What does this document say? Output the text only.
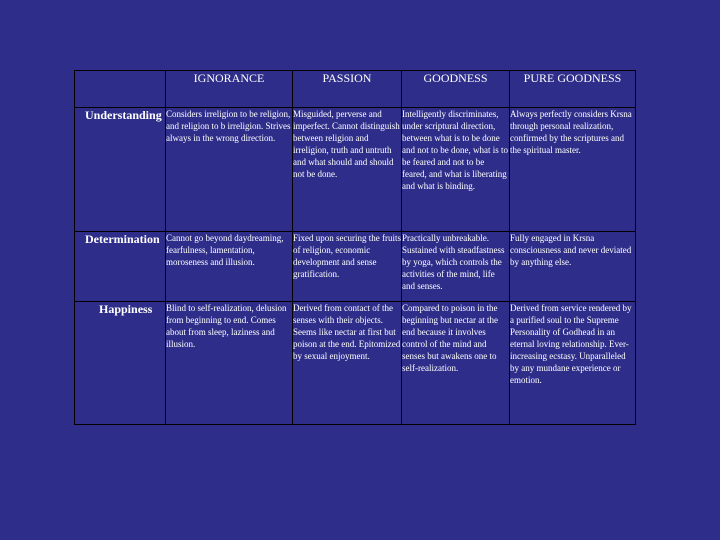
	IGNORANCE	PASSION	GOODNESS	PURE GOODNESS

Understanding	Considers irreligion to be religion, and religion to b irreligion. Strives always in the wrong direction.	Misguided, perverse and imperfect. Cannot distinguish between religion and irreligion, truth and untruth and what should and should not be done.	Intelligently discriminates, under scriptural direction, between what is to be done and not to be done, what is to be feared and not to be feared, and what is liberating and what is binding.	Always perfectly considers Krsna through personal realization, confirmed by the scriptures and the spiritual master.

Determination	Cannot go beyond daydreaming, fearfulness, lamentation, moroseness and illusion.	Fixed upon securing the fruits of religion, economic development and sense gratification.	Practically unbreakable. Sustained with steadfastness by yoga, which controls the activities of the mind, life and senses.	Fully engaged in Krsna consciousness and never deviated by anything else.

Happiness	Blind to self-realization, delusion from beginning to end. Comes about from sleep, laziness and illusion.	Derived from contact of the senses with their objects. Seems like nectar at first but poison at the end. Epitomized by sexual enjoyment.	Compared to poison in the beginning but nectar at the end because it involves control of the mind and senses but awakens one to self-realization.	Derived from service rendered by a purified soul to the Supreme Personality of Godhead in an eternal loving relationship. Ever-increasing ecstasy. Unparalleled by any mundane experience or emotion.
